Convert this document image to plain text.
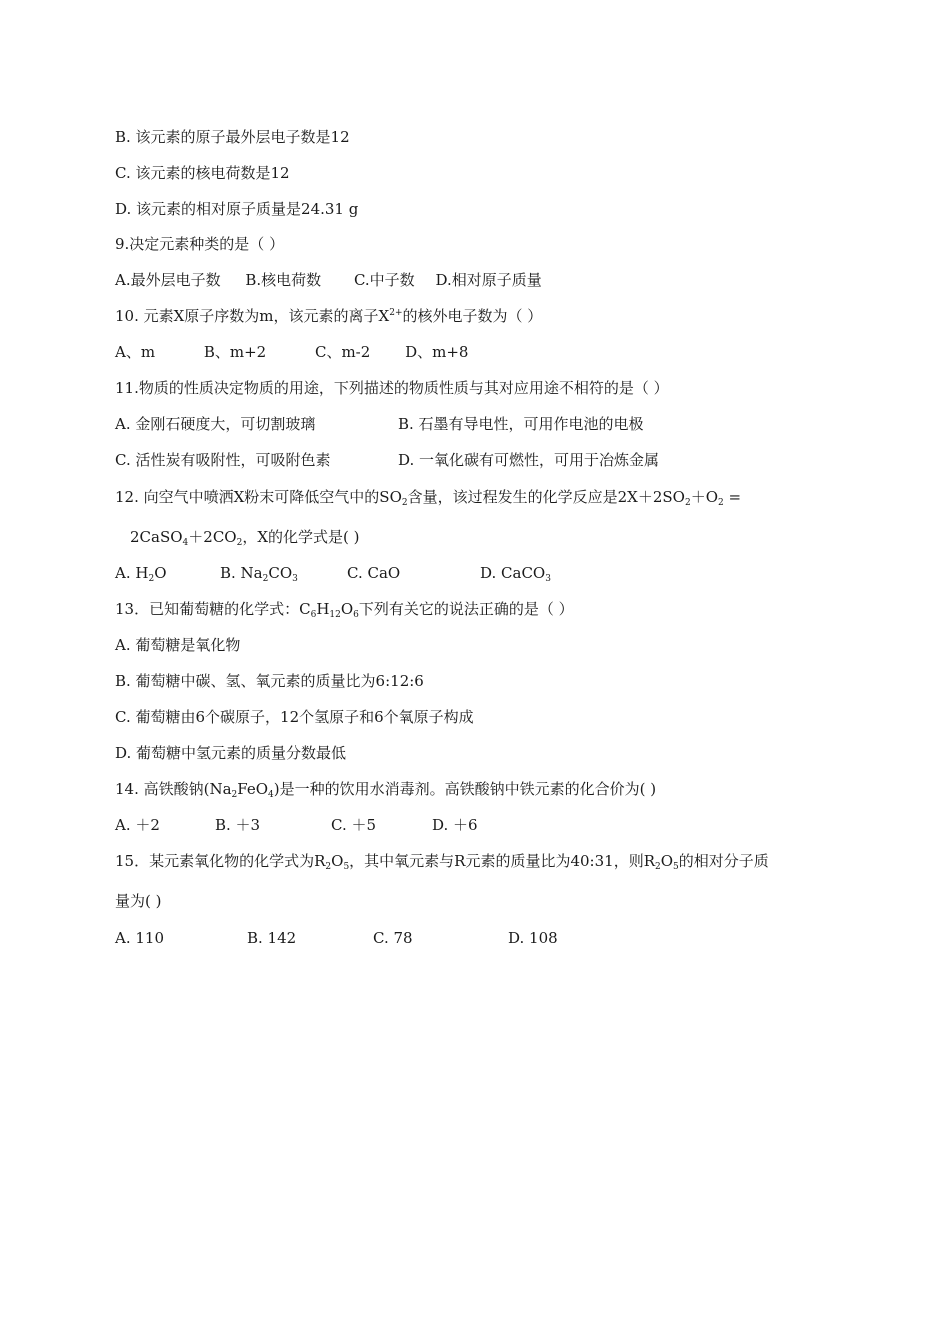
B. 该元素的原子最外层电子数是12
C. 该元素的核电荷数是12
D. 该元素的相对原子质量是24.31 g
9.决定元素种类的是（ ）
A.最外层电子数 B.核电荷数 C.中子数 D.相对原子质量
10. 元素X原子序数为m，该元素的离子$X^{2+}$的核外电子数为（ ）
A、m	B、m+2	C、m-2 D、m+8
11.物质的性质决定物质的用途，下列描述的物质性质与其对应用途不相符的是（ ）
A. 金刚石硬度大，可切割玻璃	B. 石墨有导电性，可用作电池的电极
C. 活性炭有吸附性，可吸附色素	D. 一氧化碳有可燃性，可用于冶炼金属
12. 向空气中喷洒X粉末可降低空气中的$SO_2$含量，该过程发生的化学反应是$2X+2SO_2+O_2$ =
$2CaSO_4+2CO_2$，X的化学式是( )
A. $H_2O$	B. $Na_2CO_3$	C. CaO	D. CaCO$_3$
13．已知葡萄糖的化学式：$C_6H_{12}O_6$下列有关它的说法正确的是（ ）
A. 葡萄糖是氧化物
B. 葡萄糖中碳、氢、氧元素的质量比为6:12:6
C. 葡萄糖由6个碳原子，12个氢原子和6个氧原子构成
D. 葡萄糖中氢元素的质量分数最低
14. 高铁酸钠$(Na_2FeO_4)$是一种的饮用水消毒剂。高铁酸钠中铁元素的化合价为( )
A. ＋2	B. ＋3	C. ＋5	D. ＋6
15．某元素氧化物的化学式为$R_2O_5$，其中氧元素与R元素的质量比为40:31，则$R_2O_5$的相对分子质
量为( )
A. 110	B. 142	C. 78	D. 108
